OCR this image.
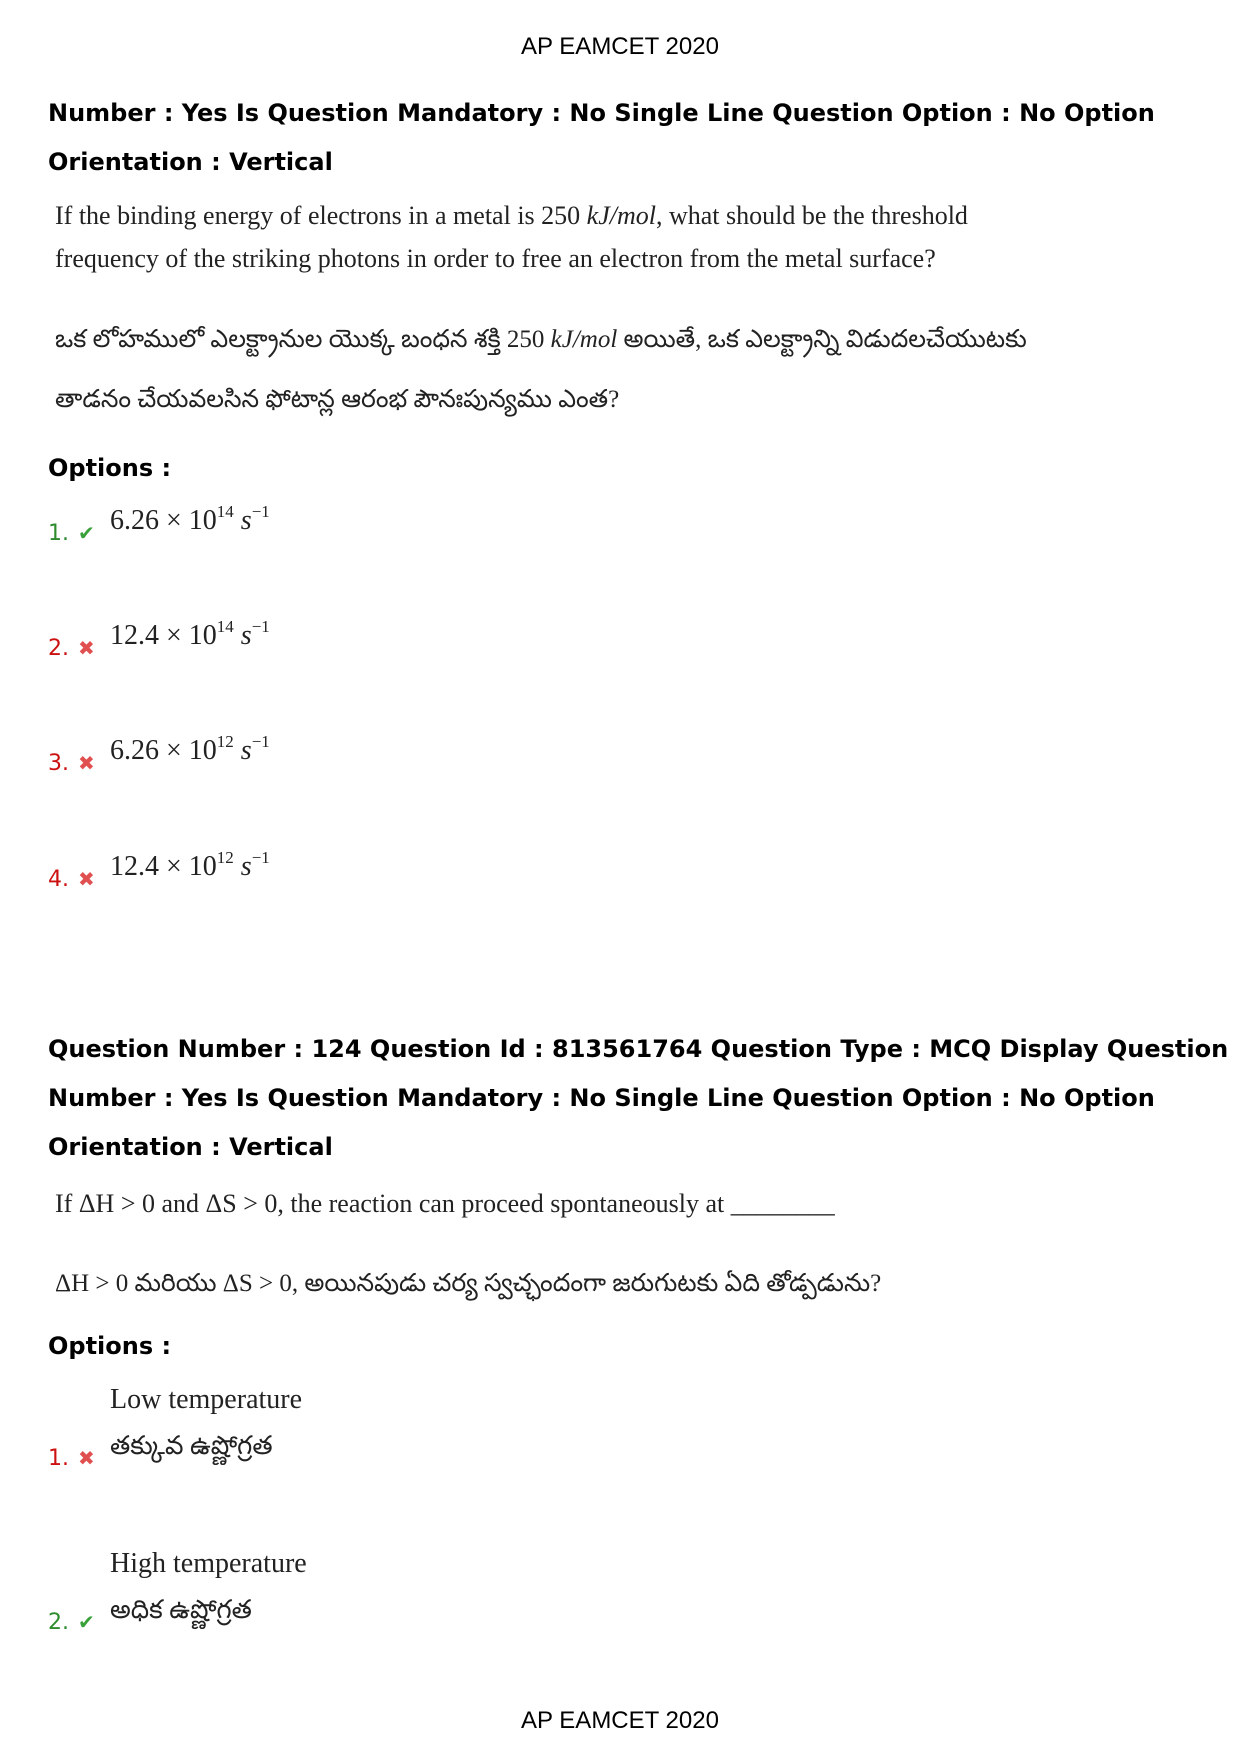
AP EAMCET 2020
Number : Yes Is Question Mandatory : No Single Line Question Option : No Option
Orientation : Vertical
If the binding energy of electrons in a metal is 250 kJ/mol, what should be the threshold
frequency of the striking photons in order to free an electron from the metal surface?
ఒక లోహములో ఎలక్ట్రానుల యొక్క బంధన శక్తి 250 kJ/mol అయితే, ఒక ఎలక్ట్రాన్ని విడుదలచేయుటకు
తాడనం చేయవలసిన ఫోటాన్ల ఆరంభ పౌనఃపున్యము ఎంత?
Options :
1. ✔ $6.26 \times 10^{14}$ $s^{-1}$
2. ✖ $12.4 \times 10^{14}$ $s^{-1}$
3. ✖ $6.26 \times 10^{12}$ $s^{-1}$
4. ✖ $12.4 \times 10^{12}$ $s^{-1}$
Question Number : 124 Question Id : 813561764 Question Type : MCQ Display Question
Number : Yes Is Question Mandatory : No Single Line Question Option : No Option
Orientation : Vertical
If ΔH > 0 and ΔS > 0, the reaction can proceed spontaneously at ________
ΔH > 0 మరియు ΔS > 0, అయినపుడు చర్య స్వచ్ఛందంగా జరుగుటకు ఏది తోడ్పడును?
Options :
1. ✖
Low temperature
తక్కువ ఉష్ణోగ్రత
2. ✔
High temperature
అధిక ఉష్ణోగ్రత
AP EAMCET 2020
